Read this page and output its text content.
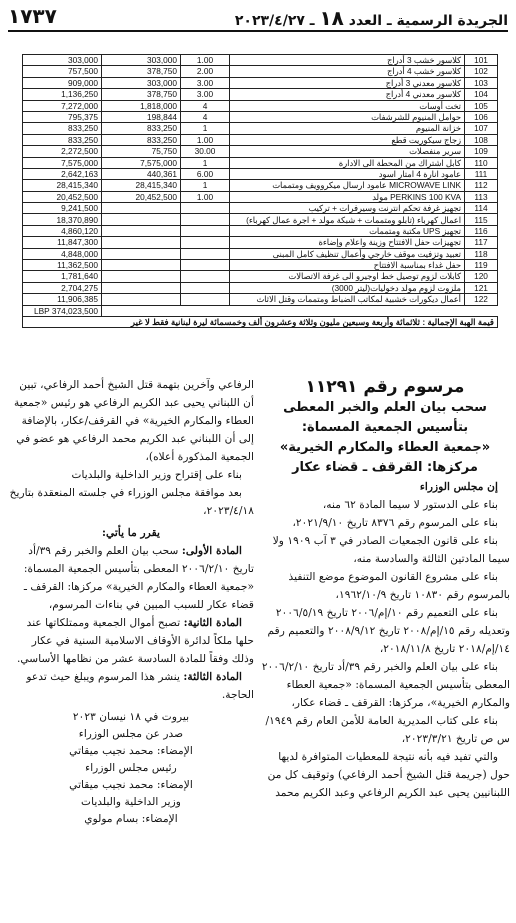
١٧٣٧	الجريدة الرسمية ـ العدد ١٨ ـ ٢٠٢٣/٤/٢٧
303,000	303,000	1.00	كلاسور خشب 3 أدراج	101
757,500	378,750	2.00	كلاسور خشب 4 أدراج	102
909,000	303,000	3.00	كلاسور معدني 3 أدراج	103
1,136,250	378,750	3.00	كلاسور معدني 4 أدراج	104
7,272,000	1,818,000	4	تخت أوسات	105
795,375	198,844	4	حوامل المنيوم للشرشفات	106
833,250	833,250	1	خزانة المنيوم	107
833,250	833,250	1.00	زجاج سيكوريت قطع	108
2,272,500	75,750	30.00	سرير منفصلات	109
7,575,000	7,575,000	1	كابل اشتراك من المحطة الى الادارة	110
2,642,163	440,361	6.00	عامود انارة 4 امتار اسود	111
28,415,340	28,415,340	1	MICROWAVE LINK عامود ارسال ميكروويف ومتممات	112
20,452,500	20,452,500	1.00	PERKINS 100 KVA مولد	113
9,241,500			تجهيز غرفة تحكم انترنت وسيرفرات + تركيب	114
18,370,890			اعمال كهرباء (تابلو ومتممات + شبكة مولد + اجرة عمال كهرباء)	115
4,860,120			تجهيز UPS مكتبة ومتممات	116
11,847,300			تجهيزات حفل الافتتاح وزينة واعلام وإضاءة	117
4,848,000			تعبيد وتزفيت موقف خارجي وأعمال تنظيف كامل المبنى	118
11,362,500			حفل غداء بمناسبة الافتتاح	119
1,781,640			كابلات لزوم توصيل خط اوجيرو الى غرفة الاتصالات	120
2,704,275			ملزوت لزوم مولد دخوليات(ليتر 3000)	121
11,906,385			أعمال ديكورات خشبية لمكاتب الضباط ومتممات وقتل الاثاث	122
LBP 374,023,500				
قيمة الهبة الإجمالية : ثلاثمائة وأربعة وسبعين مليون وثلاثة وعشرون ألف وخمسمائة ليرة لبنانية فقط لا غير				

مرسوم رقم ١١٢٩١

سحب بيان العلم والخبر المعطى بتأسيس الجمعية المسماة:

«جمعية العطاء والمكارم الخيرية»

مركزها: القرقف ـ قضاء عكار

إن مجلس الوزراء

بناء على الدستور لا سيما المادة ٦٢ منه،

بناء على المرسوم رقم ٨٣٧٦ تاريخ ٢٠٢١/٩/١٠،

بناء على قانون الجمعيات الصادر في ٣ آب ١٩٠٩ ولا سيما المادتين الثالثة والسادسة منه،

بناء على مشروع القانون الموضوع موضع التنفيذ بالمرسوم رقم ١٠٨٣٠ تاريخ ١٩٦٢/١٠/٩،

بناء على التعميم رقم ١٠/إم/٢٠٠٦ تاريخ ٢٠٠٦/٥/١٩ وتعديله رقم ١٥/إم/٢٠٠٨ تاريخ ٢٠٠٨/٩/١٢ والتعميم رقم ١٤/إم/٢٠١٨ تاريخ ٢٠١٨/١١/٨،

بناء على بيان العلم والخبر رقم ٣٩/أد تاريخ ٢٠٠٦/٢/١٠ المعطى بتأسيس الجمعية المسماة: «جمعية العطاء والمكارم الخيرية»، مركزها: القرقف ـ قضاء عكار،

بناء على كتاب المديرية العامة للأمن العام رقم ١٩٤٩/س ص تاريخ ٢٠٢٣/٣/٢١،

والتي تفيد فيه بأنه نتيجة للمعطيات المتوافرة لديها حول (جريمة قتل الشيخ أحمد الرفاعي) وتوقيف كل من اللبنانيين يحيى عبد الكريم الرفاعي وعبد الكريم محمد

الرفاعي وآخرين بتهمة قتل الشيخ أحمد الرفاعي، تبين أن اللبناني يحيى عبد الكريم الرفاعي هو رئيس «جمعية العطاء والمكارم الخيرية» في القرقف/عكار، بالإضافة إلى أن اللبناني عبد الكريم محمد الرفاعي هو عضو في الجمعية المذكورة أعلاه)،

بناء على إقتراح وزير الداخلية والبلديات

بعد موافقة مجلس الوزراء في جلسته المنعقدة بتاريخ ٢٠٢٣/٤/١٨،

يقرر ما يأتي:

المادة الأولى: سحب بيان العلم والخبر رقم ٣٩/أد تاريخ ٢٠٠٦/٢/١٠ المعطى بتأسيس الجمعية المسماة: «جمعية العطاء والمكارم الخيرية» مركزها: القرقف ـ قضاء عكار للسبب المبين في بناءات المرسوم،

المادة الثانية: تصبح أموال الجمعية وممتلكاتها عند حلها ملكاً لدائرة الأوقاف الاسلامية السنية في عكار وذلك وفقاً للمادة السادسة عشر من نظامها الأساسي.

المادة الثالثة: ينشر هذا المرسوم ويبلغ حيث تدعو الحاجة.

بيروت في ١٨ نيسان ٢٠٢٣

صدر عن مجلس الوزراء

الإمضاء: محمد نجيب ميقاتي

رئيس مجلس الوزراء

الإمضاء: محمد نجيب ميقاتي

وزير الداخلية والبلديات

الإمضاء: بسام مولوي
